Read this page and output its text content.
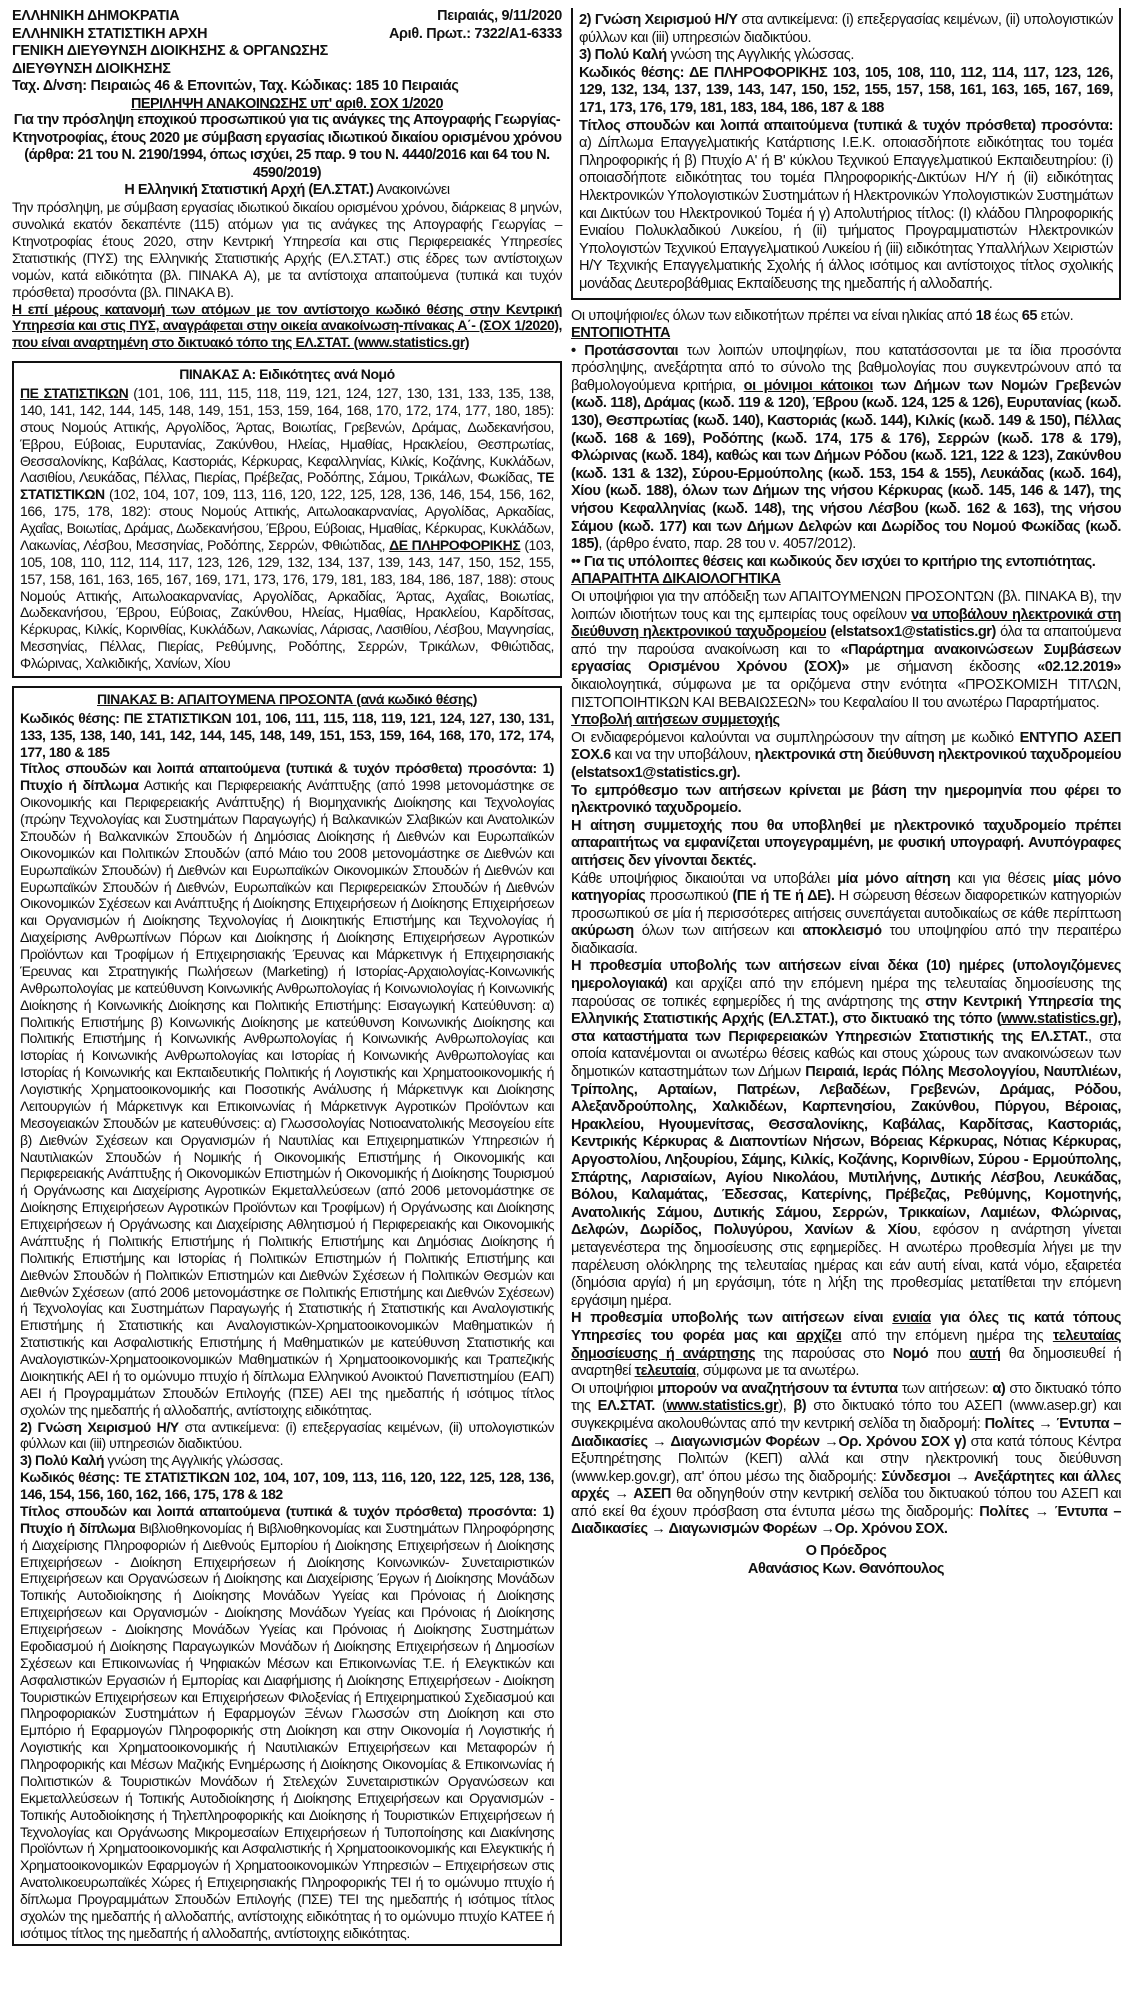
ΕΛΛΗΝΙΚΗ ΔΗΜΟΚΡΑΤΙΑ	Πειραιάς, 9/11/2020
ΕΛΛΗΝΙΚΗ ΣΤΑΤΙΣΤΙΚΗ ΑΡΧΗ	Αριθ. Πρωτ.: 7322/Α1-6333
ΓΕΝΙΚΗ ΔΙΕΥΘΥΝΣΗ ΔΙΟΙΚΗΣΗΣ & ΟΡΓΑΝΩΣΗΣ
ΔΙΕΥΘΥΝΣΗ ΔΙΟΙΚΗΣΗΣ
Ταχ. Δ/νση: Πειραιώς 46 & Επονιτών, Ταχ. Κώδικας: 185 10 Πειραιάς
ΠΕΡΙΛΗΨΗ ΑΝΑΚΟΙΝΩΣΗΣ υπ' αριθ. ΣΟΧ 1/2020
Για την πρόσληψη εποχικού προσωπικού για τις ανάγκες της Απογραφής Γεωργίας-Κτηνοτροφίας, έτους 2020 με σύμβαση εργασίας ιδιωτικού δικαίου ορισμένου χρόνου (άρθρα: 21 του Ν. 2190/1994, όπως ισχύει, 25 παρ. 9 του Ν. 4440/2016 και 64 του Ν. 4590/2019)
Η Ελληνική Στατιστική Αρχή (ΕΛ.ΣΤΑΤ.) Ανακοινώνει

Την πρόσληψη, με σύμβαση εργασίας ιδιωτικού δικαίου ορισμένου χρόνου, διάρκειας 8 μηνών, συνολικά εκατόν δεκαπέντε (115) ατόμων για τις ανάγκες της Απογραφής Γεωργίας – Κτηνοτροφίας έτους 2020, στην Κεντρική Υπηρεσία και στις Περιφερειακές Υπηρεσίες Στατιστικής (ΠΥΣ) της Ελληνικής Στατιστικής Αρχής (ΕΛ.ΣΤΑΤ.) στις έδρες των αντίστοιχων νομών, κατά ειδικότητα (βλ. ΠΙΝΑΚΑ Α), με τα αντίστοιχα απαιτούμενα (τυπικά και τυχόν πρόσθετα) προσόντα (βλ. ΠΙΝΑΚΑ Β).

Η επί μέρους κατανομή των ατόμων με τον αντίστοιχο κωδικό θέσης στην Κεντρική Υπηρεσία και στις ΠΥΣ, αναγράφεται στην οικεία ανακοίνωση-πίνακας Α΄- (ΣΟΧ 1/2020), που είναι αναρτημένη στο δικτυακό τόπο της ΕΛ.ΣΤΑΤ. (www.statistics.gr)

ΠΙΝΑΚΑΣ Α: Ειδικότητες ανά Νομό

ΠΕ ΣΤΑΤΙΣΤΙΚΩΝ (101, 106, 111, 115, 118, 119, 121, 124, 127, 130, 131, 133, 135, 138, 140, 141, 142, 144, 145, 148, 149, 151, 153, 159, 164, 168, 170, 172, 174, 177, 180, 185): στους Νομούς Αττικής, Αργολίδος, Άρτας, Βοιωτίας, Γρεβενών, Δράμας, Δωδεκανήσου, Έβρου, Εύβοιας, Ευρυτανίας, Ζακύνθου, Ηλείας, Ημαθίας, Ηρακλείου, Θεσπρωτίας, Θεσσαλονίκης, Καβάλας, Καστοριάς, Κέρκυρας, Κεφαλληνίας, Κιλκίς, Κοζάνης, Κυκλάδων, Λασιθίου, Λευκάδας, Πέλλας, Πιερίας, Πρέβεζας, Ροδόπης, Σάμου, Τρικάλων, Φωκίδας, ΤΕ ΣΤΑΤΙΣΤΙΚΩΝ (102, 104, 107, 109, 113, 116, 120, 122, 125, 128, 136, 146, 154, 156, 162, 166, 175, 178, 182): στους Νομούς Αττικής, Αιτωλοακαρνανίας, Αργολίδας, Αρκαδίας, Αχαΐας, Βοιωτίας, Δράμας, Δωδεκανήσου, Έβρου, Εύβοιας, Ημαθίας, Κέρκυρας, Κυκλάδων, Λακωνίας, Λέσβου, Μεσσηνίας, Ροδόπης, Σερρών, Φθιώτιδας, ΔΕ ΠΛΗΡΟΦΟΡΙΚΗΣ (103, 105, 108, 110, 112, 114, 117, 123, 126, 129, 132, 134, 137, 139, 143, 147, 150, 152, 155, 157, 158, 161, 163, 165, 167, 169, 171, 173, 176, 179, 181, 183, 184, 186, 187, 188): στους Νομούς Αττικής, Αιτωλοακαρνανίας, Αργολίδας, Αρκαδίας, Άρτας, Αχαΐας, Βοιωτίας, Δωδεκανήσου, Έβρου, Εύβοιας, Ζακύνθου, Ηλείας, Ημαθίας, Ηρακλείου, Καρδίτσας, Κέρκυρας, Κιλκίς, Κορινθίας, Κυκλάδων, Λακωνίας, Λάρισας, Λασιθίου, Λέσβου, Μαγνησίας, Μεσσηνίας, Πέλλας, Πιερίας, Ρεθύμνης, Ροδόπης, Σερρών, Τρικάλων, Φθιώτιδας, Φλώρινας, Χαλκιδικής, Χανίων, Χίου

ΠΙΝΑΚΑΣ Β: ΑΠΑΙΤΟΥΜΕΝΑ ΠΡΟΣΟΝΤΑ (ανά κωδικό θέσης)

Κωδικός θέσης: ΠΕ ΣΤΑΤΙΣΤΙΚΩΝ 101, 106, 111, 115, 118, 119, 121, 124, 127, 130, 131, 133, 135, 138, 140, 141, 142, 144, 145, 148, 149, 151, 153, 159, 164, 168, 170, 172, 174, 177, 180 & 185

Τίτλος σπουδών και λοιπά απαιτούμενα (τυπικά & τυχόν πρόσθετα) προσόντα: 1) Πτυχίο ή δίπλωμα Αστικής και Περιφερειακής Ανάπτυξης (από 1998 μετονομάστηκε σε Οικονομικής και Περιφερειακής Ανάπτυξης) ή Βιομηχανικής Διοίκησης και Τεχνολογίας (πρώην Τεχνολογίας και Συστημάτων Παραγωγής) ή Βαλκανικών Σλαβικών και Ανατολικών Σπουδών ή Βαλκανικών Σπουδών ή Δημόσιας Διοίκησης ή Διεθνών και Ευρωπαϊκών Οικονομικών και Πολιτικών Σπουδών (από Μάιο του 2008 μετονομάστηκε σε Διεθνών και Ευρωπαϊκών Σπουδών) ή Διεθνών και Ευρωπαϊκών Οικονομικών Σπουδών ή Διεθνών και Ευρωπαϊκών Σπουδών ή Διεθνών, Ευρωπαϊκών και Περιφερειακών Σπουδών ή Διεθνών Οικονομικών Σχέσεων και Ανάπτυξης ή Διοίκησης Επιχειρήσεων ή Διοίκησης Επιχειρήσεων και Οργανισμών ή Διοίκησης Τεχνολογίας ή Διοικητικής Επιστήμης και Τεχνολογίας ή Διαχείρισης Ανθρωπίνων Πόρων και Διοίκησης ή Διοίκησης Επιχειρήσεων Αγροτικών Προϊόντων και Τροφίμων ή Επιχειρησιακής Έρευνας και Μάρκετινγκ ή Επιχειρησιακής Έρευνας και Στρατηγικής Πωλήσεων (Marketing) ή Ιστορίας-Αρχαιολογίας-Κοινωνικής Ανθρωπολογίας με κατεύθυνση Κοινωνικής Ανθρωπολογίας ή Κοινωνιολογίας ή Κοινωνικής Διοίκησης ή Κοινωνικής Διοίκησης και Πολιτικής Επιστήμης: Εισαγωγική Κατεύθυνση: α) Πολιτικής Επιστήμης β) Κοινωνικής Διοίκησης με κατεύθυνση Κοινωνικής Διοίκησης και Πολιτικής Επιστήμης ή Κοινωνικής Ανθρωπολογίας ή Κοινωνικής Ανθρωπολογίας και Ιστορίας ή Κοινωνικής Ανθρωπολογίας και Ιστορίας ή Κοινωνικής Ανθρωπολογίας και Ιστορίας ή Κοινωνικής και Εκπαιδευτικής Πολιτικής ή Λογιστικής και Χρηματοοικονομικής ή Λογιστικής Χρηματοοικονομικής και Ποσοτικής Ανάλυσης ή Μάρκετινγκ και Διοίκησης Λειτουργιών ή Μάρκετινγκ και Επικοινωνίας ή Μάρκετινγκ Αγροτικών Προϊόντων και Μεσογειακών Σπουδών με κατευθύνσεις: α) Γλωσσολογίας Νοτιοανατολικής Μεσογείου είτε β) Διεθνών Σχέσεων και Οργανισμών ή Ναυτιλίας και Επιχειρηματικών Υπηρεσιών ή Ναυτιλιακών Σπουδών ή Νομικής ή Οικονομικής Επιστήμης ή Οικονομικής και Περιφερειακής Ανάπτυξης ή Οικονομικών Επιστημών ή Οικονομικής ή Διοίκησης Τουρισμού ή Οργάνωσης και Διαχείρισης Αγροτικών Εκμεταλλεύσεων (από 2006 μετονομάστηκε σε Διοίκησης Επιχειρήσεων Αγροτικών Προϊόντων και Τροφίμων) ή Οργάνωσης και Διοίκησης Επιχειρήσεων ή Οργάνωσης και Διαχείρισης Αθλητισμού ή Περιφερειακής και Οικονομικής Ανάπτυξης ή Πολιτικής Επιστήμης ή Πολιτικής Επιστήμης και Δημόσιας Διοίκησης ή Πολιτικής Επιστήμης και Ιστορίας ή Πολιτικών Επιστημών ή Πολιτικής Επιστήμης και Διεθνών Σπουδών ή Πολιτικών Επιστημών και Διεθνών Σχέσεων ή Πολιτικών Θεσμών και Διεθνών Σχέσεων (από 2006 μετονομάστηκε σε Πολιτικής Επιστήμης και Διεθνών Σχέσεων) ή Τεχνολογίας και Συστημάτων Παραγωγής ή Στατιστικής ή Στατιστικής και Αναλογιστικής Επιστήμης ή Στατιστικής και Αναλογιστικών-Χρηματοοικονομικών Μαθηματικών ή Στατιστικής και Ασφαλιστικής Επιστήμης ή Μαθηματικών με κατεύθυνση Στατιστικής και Αναλογιστικών-Χρηματοοικονομικών Μαθηματικών ή Χρηματοοικονομικής και Τραπεζικής Διοικητικής ΑΕΙ ή το ομώνυμο πτυχίο ή δίπλωμα Ελληνικού Ανοικτού Πανεπιστημίου (ΕΑΠ) ΑΕΙ ή Προγραμμάτων Σπουδών Επιλογής (ΠΣΕ) ΑΕΙ της ημεδαπής ή ισότιμος τίτλος σχολών της ημεδαπής ή αλλοδαπής, αντίστοιχης ειδικότητας.

2) Γνώση Χειρισμού Η/Υ στα αντικείμενα: (i) επεξεργασίας κειμένων, (ii) υπολογιστικών φύλλων και (iii) υπηρεσιών διαδικτύου.

3) Πολύ Καλή γνώση της Αγγλικής γλώσσας.

Κωδικός θέσης: ΤΕ ΣΤΑΤΙΣΤΙΚΩΝ 102, 104, 107, 109, 113, 116, 120, 122, 125, 128, 136, 146, 154, 156, 160, 162, 166, 175, 178 & 182

Τίτλος σπουδών και λοιπά απαιτούμενα (τυπικά & τυχόν πρόσθετα) προσόντα: 1) Πτυχίο ή δίπλωμα Βιβλιοθηκονομίας ή Βιβλιοθηκονομίας και Συστημάτων Πληροφόρησης ή Διαχείρισης Πληροφοριών ή Διεθνούς Εμπορίου ή Διοίκησης Επιχειρήσεων ή Διοίκησης Επιχειρήσεων - Διοίκηση Επιχειρήσεων ή Διοίκησης Κοινωνικών- Συνεταιριστικών Επιχειρήσεων και Οργανώσεων ή Διοίκησης και Διαχείρισης Έργων ή Διοίκησης Μονάδων Τοπικής Αυτοδιοίκησης ή Διοίκησης Μονάδων Υγείας και Πρόνοιας ή Διοίκησης Επιχειρήσεων και Οργανισμών - Διοίκησης Μονάδων Υγείας και Πρόνοιας ή Διοίκησης Επιχειρήσεων - Διοίκησης Μονάδων Υγείας και Πρόνοιας ή Διοίκησης Συστημάτων Εφοδιασμού ή Διοίκησης Παραγωγικών Μονάδων ή Διοίκησης Επιχειρήσεων ή Δημοσίων Σχέσεων και Επικοινωνίας ή Ψηφιακών Μέσων και Επικοινωνίας Τ.Ε. ή Ελεγκτικών και Ασφαλιστικών Εργασιών ή Εμπορίας και Διαφήμισης ή Διοίκησης Επιχειρήσεων - Διοίκηση Τουριστικών Επιχειρήσεων και Επιχειρήσεων Φιλοξενίας ή Επιχειρηματικού Σχεδιασμού και Πληροφοριακών Συστημάτων ή Εφαρμογών Ξένων Γλωσσών στη Διοίκηση και στο Εμπόριο ή Εφαρμογών Πληροφορικής στη Διοίκηση και στην Οικονομία ή Λογιστικής ή Λογιστικής και Χρηματοοικονομικής ή Ναυτιλιακών Επιχειρήσεων και Μεταφορών ή Πληροφορικής και Μέσων Μαζικής Ενημέρωσης ή Διοίκησης Οικονομίας & Επικοινωνίας ή Πολιτιστικών & Τουριστικών Μονάδων ή Στελεχών Συνεταιριστικών Οργανώσεων και Εκμεταλλεύσεων ή Τοπικής Αυτοδιοίκησης ή Διοίκησης Επιχειρήσεων και Οργανισμών - Τοπικής Αυτοδιοίκησης ή Τηλεπληροφορικής και Διοίκησης ή Τουριστικών Επιχειρήσεων ή Τεχνολογίας και Οργάνωσης Μικρομεσαίων Επιχειρήσεων ή Τυποποίησης και Διακίνησης Προϊόντων ή Χρηματοοικονομικής και Ασφαλιστικής ή Χρηματοοικονομικής και Ελεγκτικής ή Χρηματοοικονομικών Εφαρμογών ή Χρηματοοικονομικών Υπηρεσιών – Επιχειρήσεων στις Ανατολικοευρωπαϊκές Χώρες ή Επιχειρησιακής Πληροφορικής ΤΕΙ ή το ομώνυμο πτυχίο ή δίπλωμα Προγραμμάτων Σπουδών Επιλογής (ΠΣΕ) ΤΕΙ της ημεδαπής ή ισότιμος τίτλος σχολών της ημεδαπής ή αλλοδαπής, αντίστοιχης ειδικότητας ή το ομώνυμο πτυχίο ΚΑΤΕΕ ή ισότιμος τίτλος της ημεδαπής ή αλλοδαπής, αντίστοιχης ειδικότητας.

2) Γνώση Χειρισμού Η/Υ στα αντικείμενα: (i) επεξεργασίας κειμένων, (ii) υπολογιστικών φύλλων και (iii) υπηρεσιών διαδικτύου.

3) Πολύ Καλή γνώση της Αγγλικής γλώσσας.

Κωδικός θέσης: ΔΕ ΠΛΗΡΟΦΟΡΙΚΗΣ 103, 105, 108, 110, 112, 114, 117, 123, 126, 129, 132, 134, 137, 139, 143, 147, 150, 152, 155, 157, 158, 161, 163, 165, 167, 169, 171, 173, 176, 179, 181, 183, 184, 186, 187 & 188

Τίτλος σπουδών και λοιπά απαιτούμενα (τυπικά & τυχόν πρόσθετα) προσόντα: α) Δίπλωμα Επαγγελματικής Κατάρτισης Ι.Ε.Κ. οποιασδήποτε ειδικότητας του τομέα Πληροφορικής ή β) Πτυχίο Α' ή Β' κύκλου Τεχνικού Επαγγελματικού Εκπαιδευτηρίου: (i) οποιασδήποτε ειδικότητας του τομέα Πληροφορικής-Δικτύων Η/Υ ή (ii) ειδικότητας Ηλεκτρονικών Υπολογιστικών Συστημάτων ή Ηλεκτρονικών Υπολογιστικών Συστημάτων και Δικτύων του Ηλεκτρονικού Τομέα ή γ) Απολυτήριος τίτλος: (Ι) κλάδου Πληροφορικής Ενιαίου Πολυκλαδικού Λυκείου, ή (ii) τμήματος Προγραμματιστών Ηλεκτρονικών Υπολογιστών Τεχνικού Επαγγελματικού Λυκείου ή (iii) ειδικότητας Υπαλλήλων Χειριστών Η/Υ Τεχνικής Επαγγελματικής Σχολής ή άλλος ισότιμος και αντίστοιχος τίτλος σχολικής μονάδας Δευτεροβάθμιας Εκπαίδευσης της ημεδαπής ή αλλοδαπής.

Οι υποψήφιοι/ες όλων των ειδικοτήτων πρέπει να είναι ηλικίας από 18 έως 65 ετών.

ΕΝΤΟΠΙΟΤΗΤΑ

• Προτάσσονται των λοιπών υποψηφίων, που κατατάσσονται με τα ίδια προσόντα πρόσληψης, ανεξάρτητα από το σύνολο της βαθμολογίας που συγκεντρώνουν από τα βαθμολογούμενα κριτήρια, οι μόνιμοι κάτοικοι των Δήμων των Νομών Γρεβενών (κωδ. 118), Δράμας (κωδ. 119 & 120), Έβρου (κωδ. 124, 125 & 126), Ευρυτανίας (κωδ. 130), Θεσπρωτίας (κωδ. 140), Καστοριάς (κωδ. 144), Κιλκίς (κωδ. 149 & 150), Πέλλας (κωδ. 168 & 169), Ροδόπης (κωδ. 174, 175 & 176), Σερρών (κωδ. 178 & 179), Φλώρινας (κωδ. 184), καθώς και των Δήμων Ρόδου (κωδ. 121, 122 & 123), Ζακύνθου (κωδ. 131 & 132), Σύρου-Ερμούπολης (κωδ. 153, 154 & 155), Λευκάδας (κωδ. 164), Χίου (κωδ. 188), όλων των Δήμων της νήσου Κέρκυρας (κωδ. 145, 146 & 147), της νήσου Κεφαλληνίας (κωδ. 148), της νήσου Λέσβου (κωδ. 162 & 163), της νήσου Σάμου (κωδ. 177) και των Δήμων Δελφών και Δωρίδος του Νομού Φωκίδας (κωδ. 185), (άρθρο ένατο, παρ. 28 του ν. 4057/2012).

•• Για τις υπόλοιπες θέσεις και κωδικούς δεν ισχύει το κριτήριο της εντοπιότητας.

ΑΠΑΡΑΙΤΗΤΑ ΔΙΚΑΙΟΛΟΓΗΤΙΚΑ

Οι υποψήφιοι για την απόδειξη των ΑΠΑΙΤΟΥΜΕΝΩΝ ΠΡΟΣΟΝΤΩΝ (βλ. ΠΙΝΑΚΑ Β), την λοιπών ιδιοτήτων τους και της εμπειρίας τους οφείλουν να υποβάλουν ηλεκτρονικά στη διεύθυνση ηλεκτρονικού ταχυδρομείου (elstatsox1@statistics.gr) όλα τα απαιτούμενα από την παρούσα ανακοίνωση και το «Παράρτημα ανακοινώσεων Συμβάσεων εργασίας Ορισμένου Χρόνου (ΣΟΧ)» με σήμανση έκδοσης «02.12.2019» δικαιολογητικά, σύμφωνα με τα οριζόμενα στην ενότητα «ΠΡΟΣΚΟΜΙΣΗ ΤΙΤΛΩΝ, ΠΙΣΤΟΠΟΙΗΤΙΚΩΝ ΚΑΙ ΒΕΒΑΙΩΣΕΩΝ» του Κεφαλαίου ΙΙ του ανωτέρω Παραρτήματος.

Υποβολή αιτήσεων συμμετοχής

Οι ενδιαφερόμενοι καλούνται να συμπληρώσουν την αίτηση με κωδικό ΕΝΤΥΠΟ ΑΣΕΠ ΣΟΧ.6 και να την υποβάλουν, ηλεκτρονικά στη διεύθυνση ηλεκτρονικού ταχυδρομείου (elstatsox1@statistics.gr).

Το εμπρόθεσμο των αιτήσεων κρίνεται με βάση την ημερομηνία που φέρει το ηλεκτρονικό ταχυδρομείο.

Η αίτηση συμμετοχής που θα υποβληθεί με ηλεκτρονικό ταχυδρομείο πρέπει απαραιτήτως να εμφανίζεται υπογεγραμμένη, με φυσική υπογραφή. Ανυπόγραφες αιτήσεις δεν γίνονται δεκτές.

Κάθε υποψήφιος δικαιούται να υποβάλει μία μόνο αίτηση και για θέσεις μίας μόνο κατηγορίας προσωπικού (ΠΕ ή ΤΕ ή ΔΕ). Η σώρευση θέσεων διαφορετικών κατηγοριών προσωπικού σε μία ή περισσότερες αιτήσεις συνεπάγεται αυτοδικαίως σε κάθε περίπτωση ακύρωση όλων των αιτήσεων και αποκλεισμό του υποψηφίου από την περαιτέρω διαδικασία.

Η προθεσμία υποβολής των αιτήσεων είναι δέκα (10) ημέρες (υπολογιζόμενες ημερολογιακά) και αρχίζει από την επόμενη ημέρα της τελευταίας δημοσίευσης της παρούσας σε τοπικές εφημερίδες ή της ανάρτησης της στην Κεντρική Υπηρεσία της Ελληνικής Στατιστικής Αρχής (ΕΛ.ΣΤΑΤ.), στο δικτυακό της τόπο (www.statistics.gr), στα καταστήματα των Περιφερειακών Υπηρεσιών Στατιστικής της ΕΛ.ΣΤΑΤ., στα οποία κατανέμονται οι ανωτέρω θέσεις καθώς και στους χώρους των ανακοινώσεων των δημοτικών καταστημάτων των Δήμων Πειραιά, Ιεράς Πόλης Μεσολογγίου, Ναυπλιέων, Τρίπολης, Αρταίων, Πατρέων, Λεβαδέων, Γρεβενών, Δράμας, Ρόδου, Αλεξανδρούπολης, Χαλκιδέων, Καρπενησίου, Ζακύνθου, Πύργου, Βέροιας, Ηρακλείου, Ηγουμενίτσας, Θεσσαλονίκης, Καβάλας, Καρδίτσας, Καστοριάς, Κεντρικής Κέρκυρας & Διαποντίων Νήσων, Βόρειας Κέρκυρας, Νότιας Κέρκυρας, Αργοστολίου, Ληξουρίου, Σάμης, Κιλκίς, Κοζάνης, Κορινθίων, Σύρου - Ερμούπολης, Σπάρτης, Λαρισαίων, Αγίου Νικολάου, Μυτιλήνης, Δυτικής Λέσβου, Λευκάδας, Βόλου, Καλαμάτας, Έδεσσας, Κατερίνης, Πρέβεζας, Ρεθύμνης, Κομοτηνής, Ανατολικής Σάμου, Δυτικής Σάμου, Σερρών, Τρικκαίων, Λαμιέων, Φλώρινας, Δελφών, Δωρίδος, Πολυγύρου, Χανίων & Χίου, εφόσον η ανάρτηση γίνεται μεταγενέστερα της δημοσίευσης στις εφημερίδες. Η ανωτέρω προθεσμία λήγει με την παρέλευση ολόκληρης της τελευταίας ημέρας και εάν αυτή είναι, κατά νόμο, εξαιρετέα (δημόσια αργία) ή μη εργάσιμη, τότε η λήξη της προθεσμίας μετατίθεται την επόμενη εργάσιμη ημέρα.

Η προθεσμία υποβολής των αιτήσεων είναι ενιαία για όλες τις κατά τόπους Υπηρεσίες του φορέα μας και αρχίζει από την επόμενη ημέρα της τελευταίας δημοσίευσης ή ανάρτησης της παρούσας στο Νομό που αυτή θα δημοσιευθεί ή αναρτηθεί τελευταία, σύμφωνα με τα ανωτέρω.

Οι υποψήφιοι μπορούν να αναζητήσουν τα έντυπα των αιτήσεων: α) στο δικτυακό τόπο της ΕΛ.ΣΤΑΤ. (www.statistics.gr), β) στο δικτυακό τόπο του ΑΣΕΠ (www.asep.gr) και συγκεκριμένα ακολουθώντας από την κεντρική σελίδα τη διαδρομή: Πολίτες → Έντυπα – Διαδικασίες → Διαγωνισμών Φορέων →Ορ. Χρόνου ΣΟΧ γ) στα κατά τόπους Κέντρα Εξυπηρέτησης Πολιτών (ΚΕΠ) αλλά και στην ηλεκτρονική τους διεύθυνση (www.kep.gov.gr), απ' όπου μέσω της διαδρομής: Σύνδεσμοι → Ανεξάρτητες και άλλες αρχές → ΑΣΕΠ θα οδηγηθούν στην κεντρική σελίδα του δικτυακού τόπου του ΑΣΕΠ και από εκεί θα έχουν πρόσβαση στα έντυπα μέσω της διαδρομής: Πολίτες → Έντυπα – Διαδικασίες → Διαγωνισμών Φορέων →Ορ. Χρόνου ΣΟΧ.

Ο Πρόεδρος
Αθανάσιος Κων. Θανόπουλος
